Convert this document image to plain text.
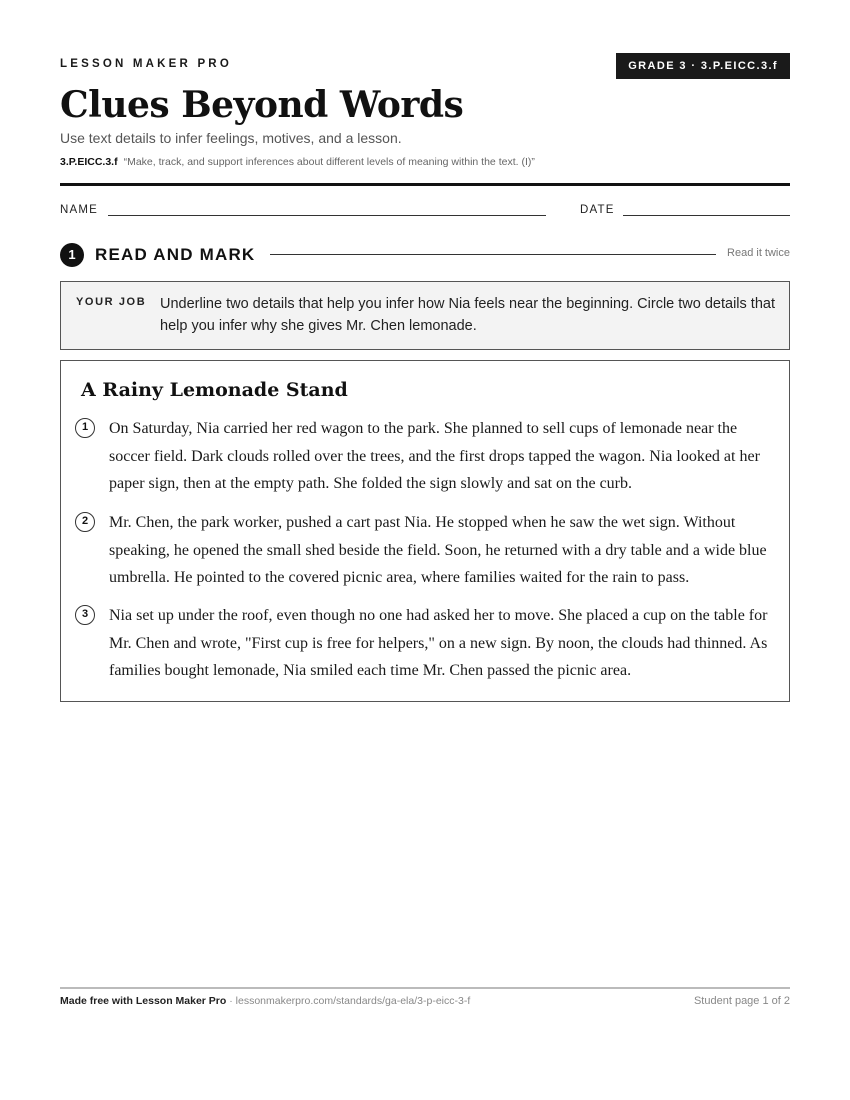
LESSON MAKER PRO	GRADE 3 · 3.P.EICC.3.f
Clues Beyond Words
Use text details to infer feelings, motives, and a lesson.
3.P.EICC.3.f “Make, track, and support inferences about different levels of meaning within the text. (I)”
NAME	DATE
1	READ AND MARK	Read it twice
YOUR JOB Underline two details that help you infer how Nia feels near the beginning. Circle two details that help you infer why she gives Mr. Chen lemonade.
A Rainy Lemonade Stand
1	On Saturday, Nia carried her red wagon to the park. She planned to sell cups of lemonade near the soccer field. Dark clouds rolled over the trees, and the first drops tapped the wagon. Nia looked at her paper sign, then at the empty path. She folded the sign slowly and sat on the curb.
2	Mr. Chen, the park worker, pushed a cart past Nia. He stopped when he saw the wet sign. Without speaking, he opened the small shed beside the field. Soon, he returned with a dry table and a wide blue umbrella. He pointed to the covered picnic area, where families waited for the rain to pass.
3	Nia set up under the roof, even though no one had asked her to move. She placed a cup on the table for Mr. Chen and wrote, "First cup is free for helpers," on a new sign. By noon, the clouds had thinned. As families bought lemonade, Nia smiled each time Mr. Chen passed the picnic area.
Made free with Lesson Maker Pro · lessonmakerpro.com/standards/ga-ela/3-p-eicc-3-f	Student page 1 of 2
